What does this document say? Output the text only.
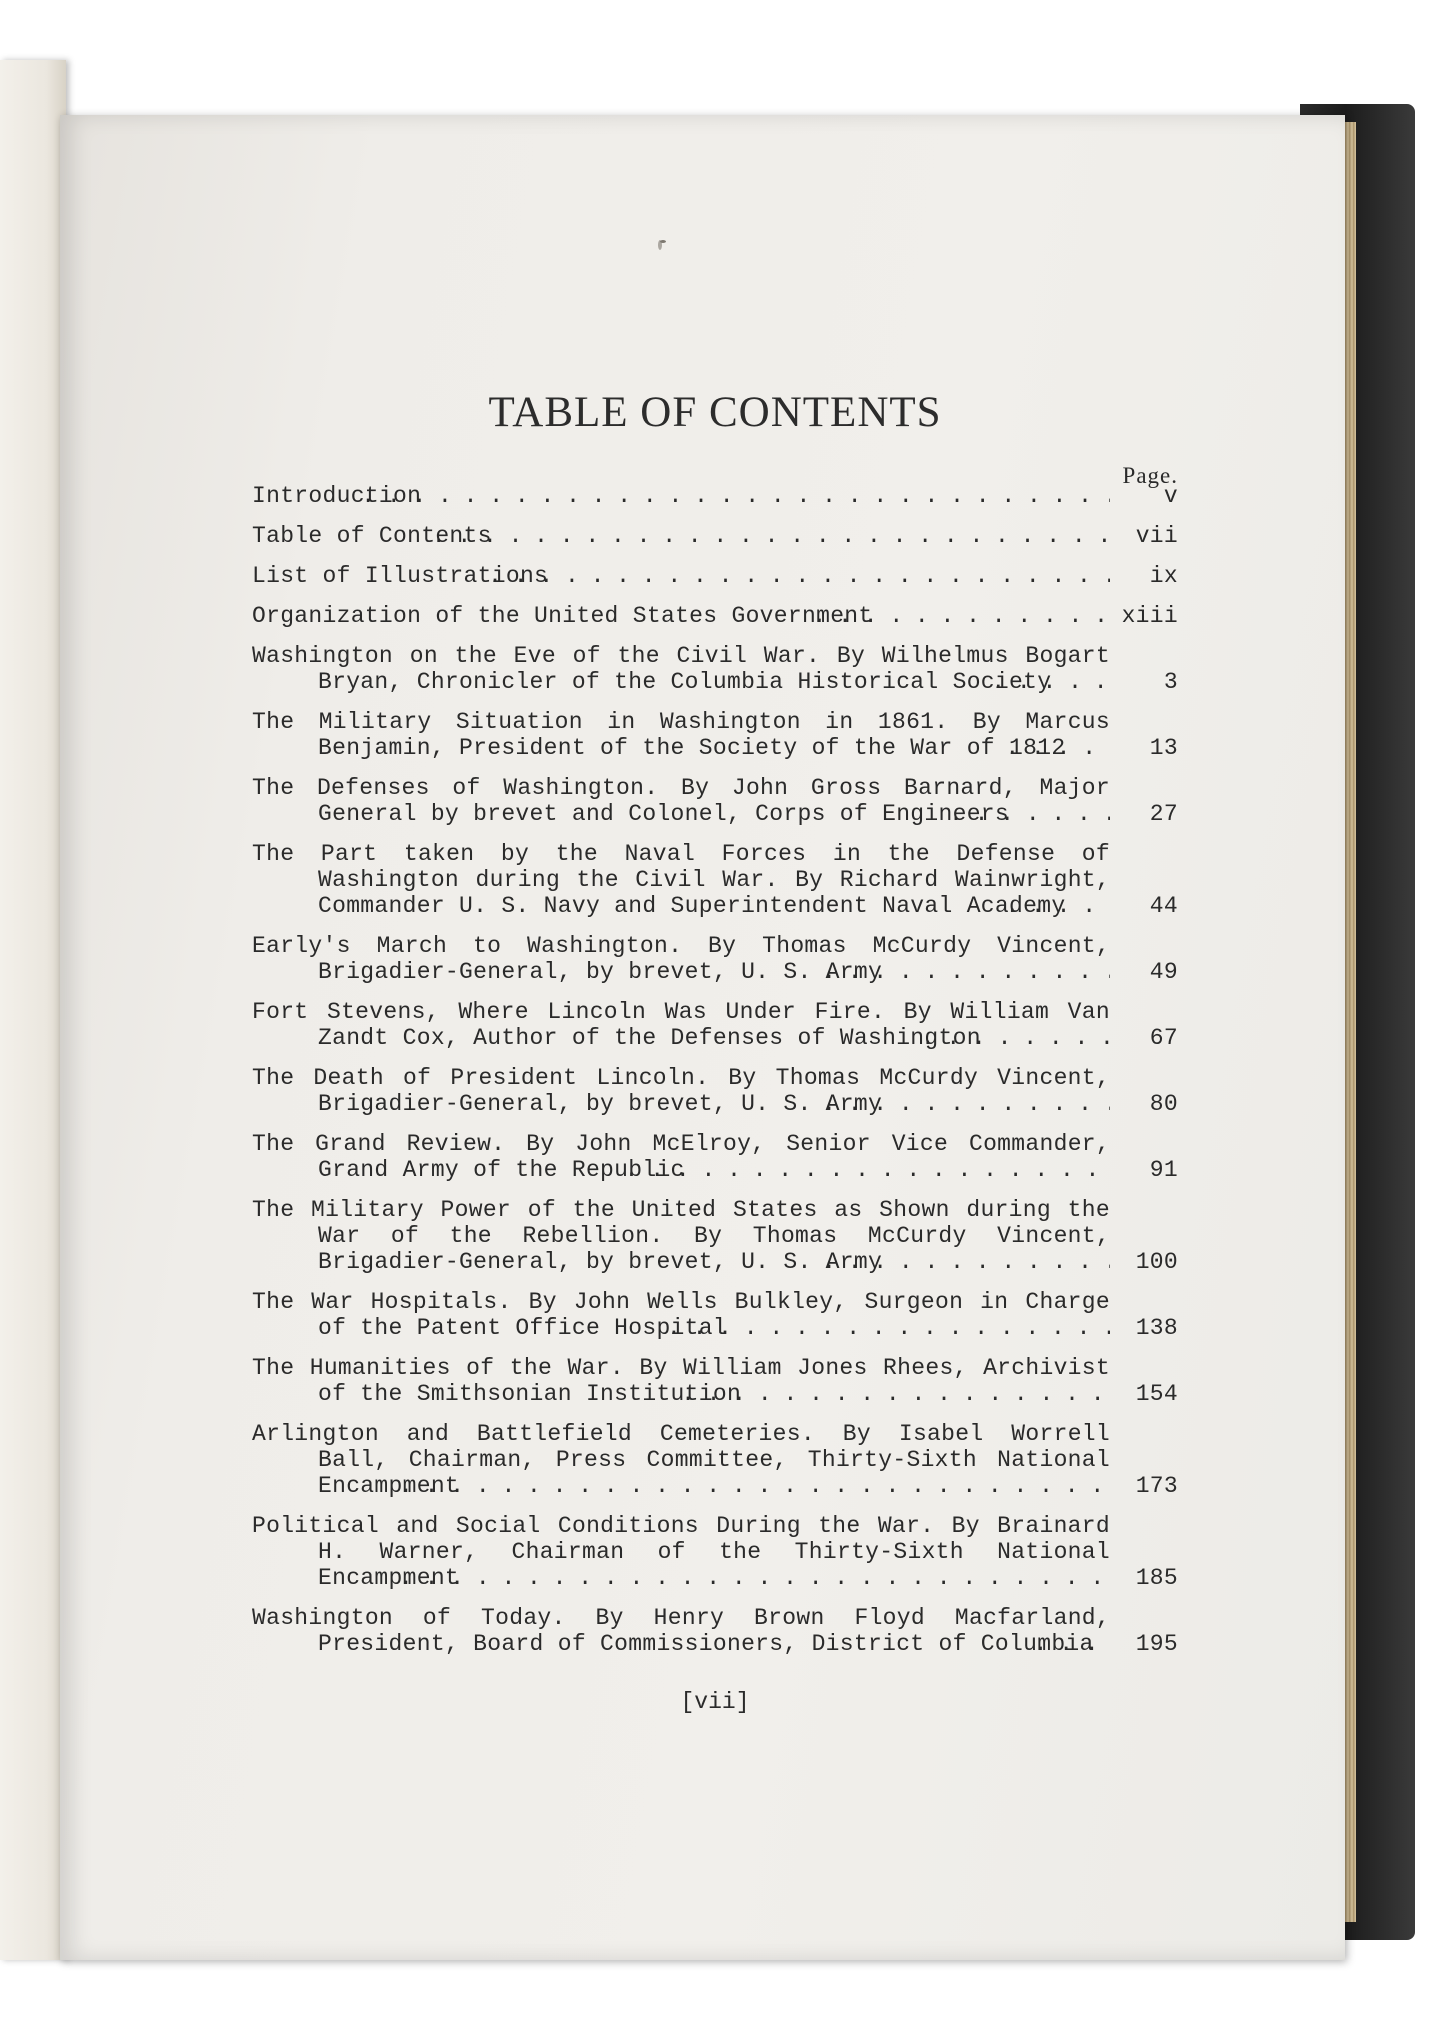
TABLE OF CONTENTS
Page.
Introduction . . .	v
Table of Contents . . .	vii
List of Illustrations . . .	ix
Organization of the United States Government . . .	xiii
Washington on the Eve of the Civil War. By Wilhelmus Bogart Bryan, Chronicler of the Columbia Historical Society . . .	3
The Military Situation in Washington in 1861. By Marcus Benjamin, President of the Society of the War of 1812 . . .	13
The Defenses of Washington. By John Gross Barnard, Major General by brevet and Colonel, Corps of Engineers . . .	27
The Part taken by the Naval Forces in the Defense of Washington during the Civil War. By Richard Wainwright, Commander U. S. Navy and Superintendent Naval Academy . . .	44
Early's March to Washington. By Thomas McCurdy Vincent, Brigadier-General, by brevet, U. S. Army . . .	49
Fort Stevens, Where Lincoln Was Under Fire. By William Van Zandt Cox, Author of the Defenses of Washington . . .	67
The Death of President Lincoln. By Thomas McCurdy Vincent, Brigadier-General, by brevet, U. S. Army . . .	80
The Grand Review. By John McElroy, Senior Vice Commander, Grand Army of the Republic . . .	91
The Military Power of the United States as Shown during the War of the Rebellion. By Thomas McCurdy Vincent, Brigadier-General, by brevet, U. S. Army . . .	100
The War Hospitals. By John Wells Bulkley, Surgeon in Charge of the Patent Office Hospital . . .	138
The Humanities of the War. By William Jones Rhees, Archivist of the Smithsonian Institution . . .	154
Arlington and Battlefield Cemeteries. By Isabel Worrell Ball, Chairman, Press Committee, Thirty-Sixth National Encampment . . .	173
Political and Social Conditions During the War. By Brainard H. Warner, Chairman of the Thirty-Sixth National Encampment . . .	185
Washington of Today. By Henry Brown Floyd Macfarland, President, Board of Commissioners, District of Columbia . . .	195
[vii]
